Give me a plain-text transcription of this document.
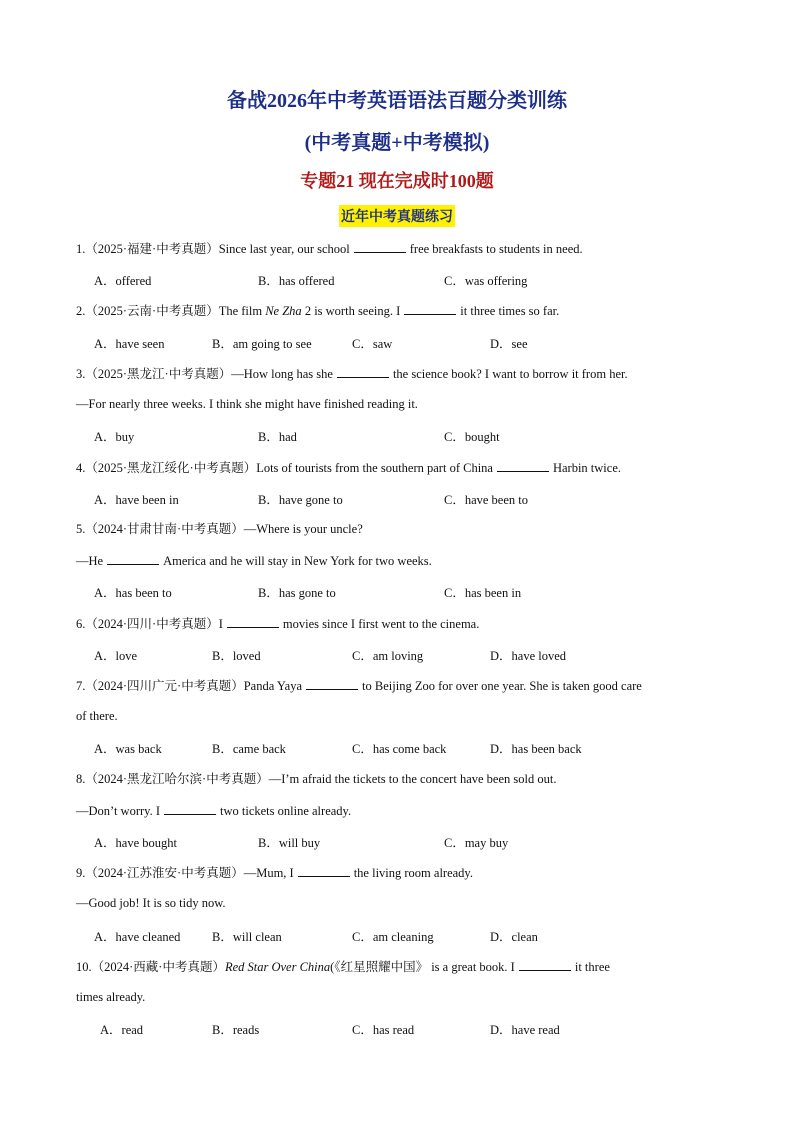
备战2026年中考英语语法百题分类训练
(中考真题+中考模拟)
专题21 现在完成时100题
近年中考真题练习
1.（2025·福建·中考真题）Since last year, our school	free breakfasts to students in need.
A．offered	B．has offered	C．was offering
2.（2025·云南·中考真题）The film Ne Zha 2 is worth seeing. I	it three times so far.
A．have seen	B．am going to see	C．saw	D．see
3.（2025·黑龙江·中考真题）—How long has she	the science book? I want to borrow it from her.
—For nearly three weeks. I think she might have finished reading it.
A．buy	B．had	C．bought
4.（2025·黑龙江绥化·中考真题）Lots of tourists from the southern part of China	Harbin twice.
A．have been in	B．have gone to	C．have been to
5.（2024·甘肃甘南·中考真题）—Where is your uncle?
—He	America and he will stay in New York for two weeks.
A．has been to	B．has gone to	C．has been in
6.（2024·四川·中考真题）I	movies since I first went to the cinema.
A．love	B．loved	C．am loving	D．have loved
7.（2024·四川广元·中考真题）Panda Yaya	to Beijing Zoo for over one year. She is taken good care
of there.
A．was back	B．came back	C．has come back	D．has been back
8.（2024·黑龙江哈尔滨·中考真题）—I’m afraid the tickets to the concert have been sold out.
—Don’t worry. I	two tickets online already.
A．have bought	B．will buy	C．may buy
9.（2024·江苏淮安·中考真题）—Mum, I	the living room already.
—Good job! It is so tidy now.
A．have cleaned	B．will clean	C．am cleaning	D．clean
10.（2024·西藏·中考真题）Red Star Over China(《红星照耀中国》 is a great book. I	it three
times already.
A．read	B．reads	C．has read	D．have read
